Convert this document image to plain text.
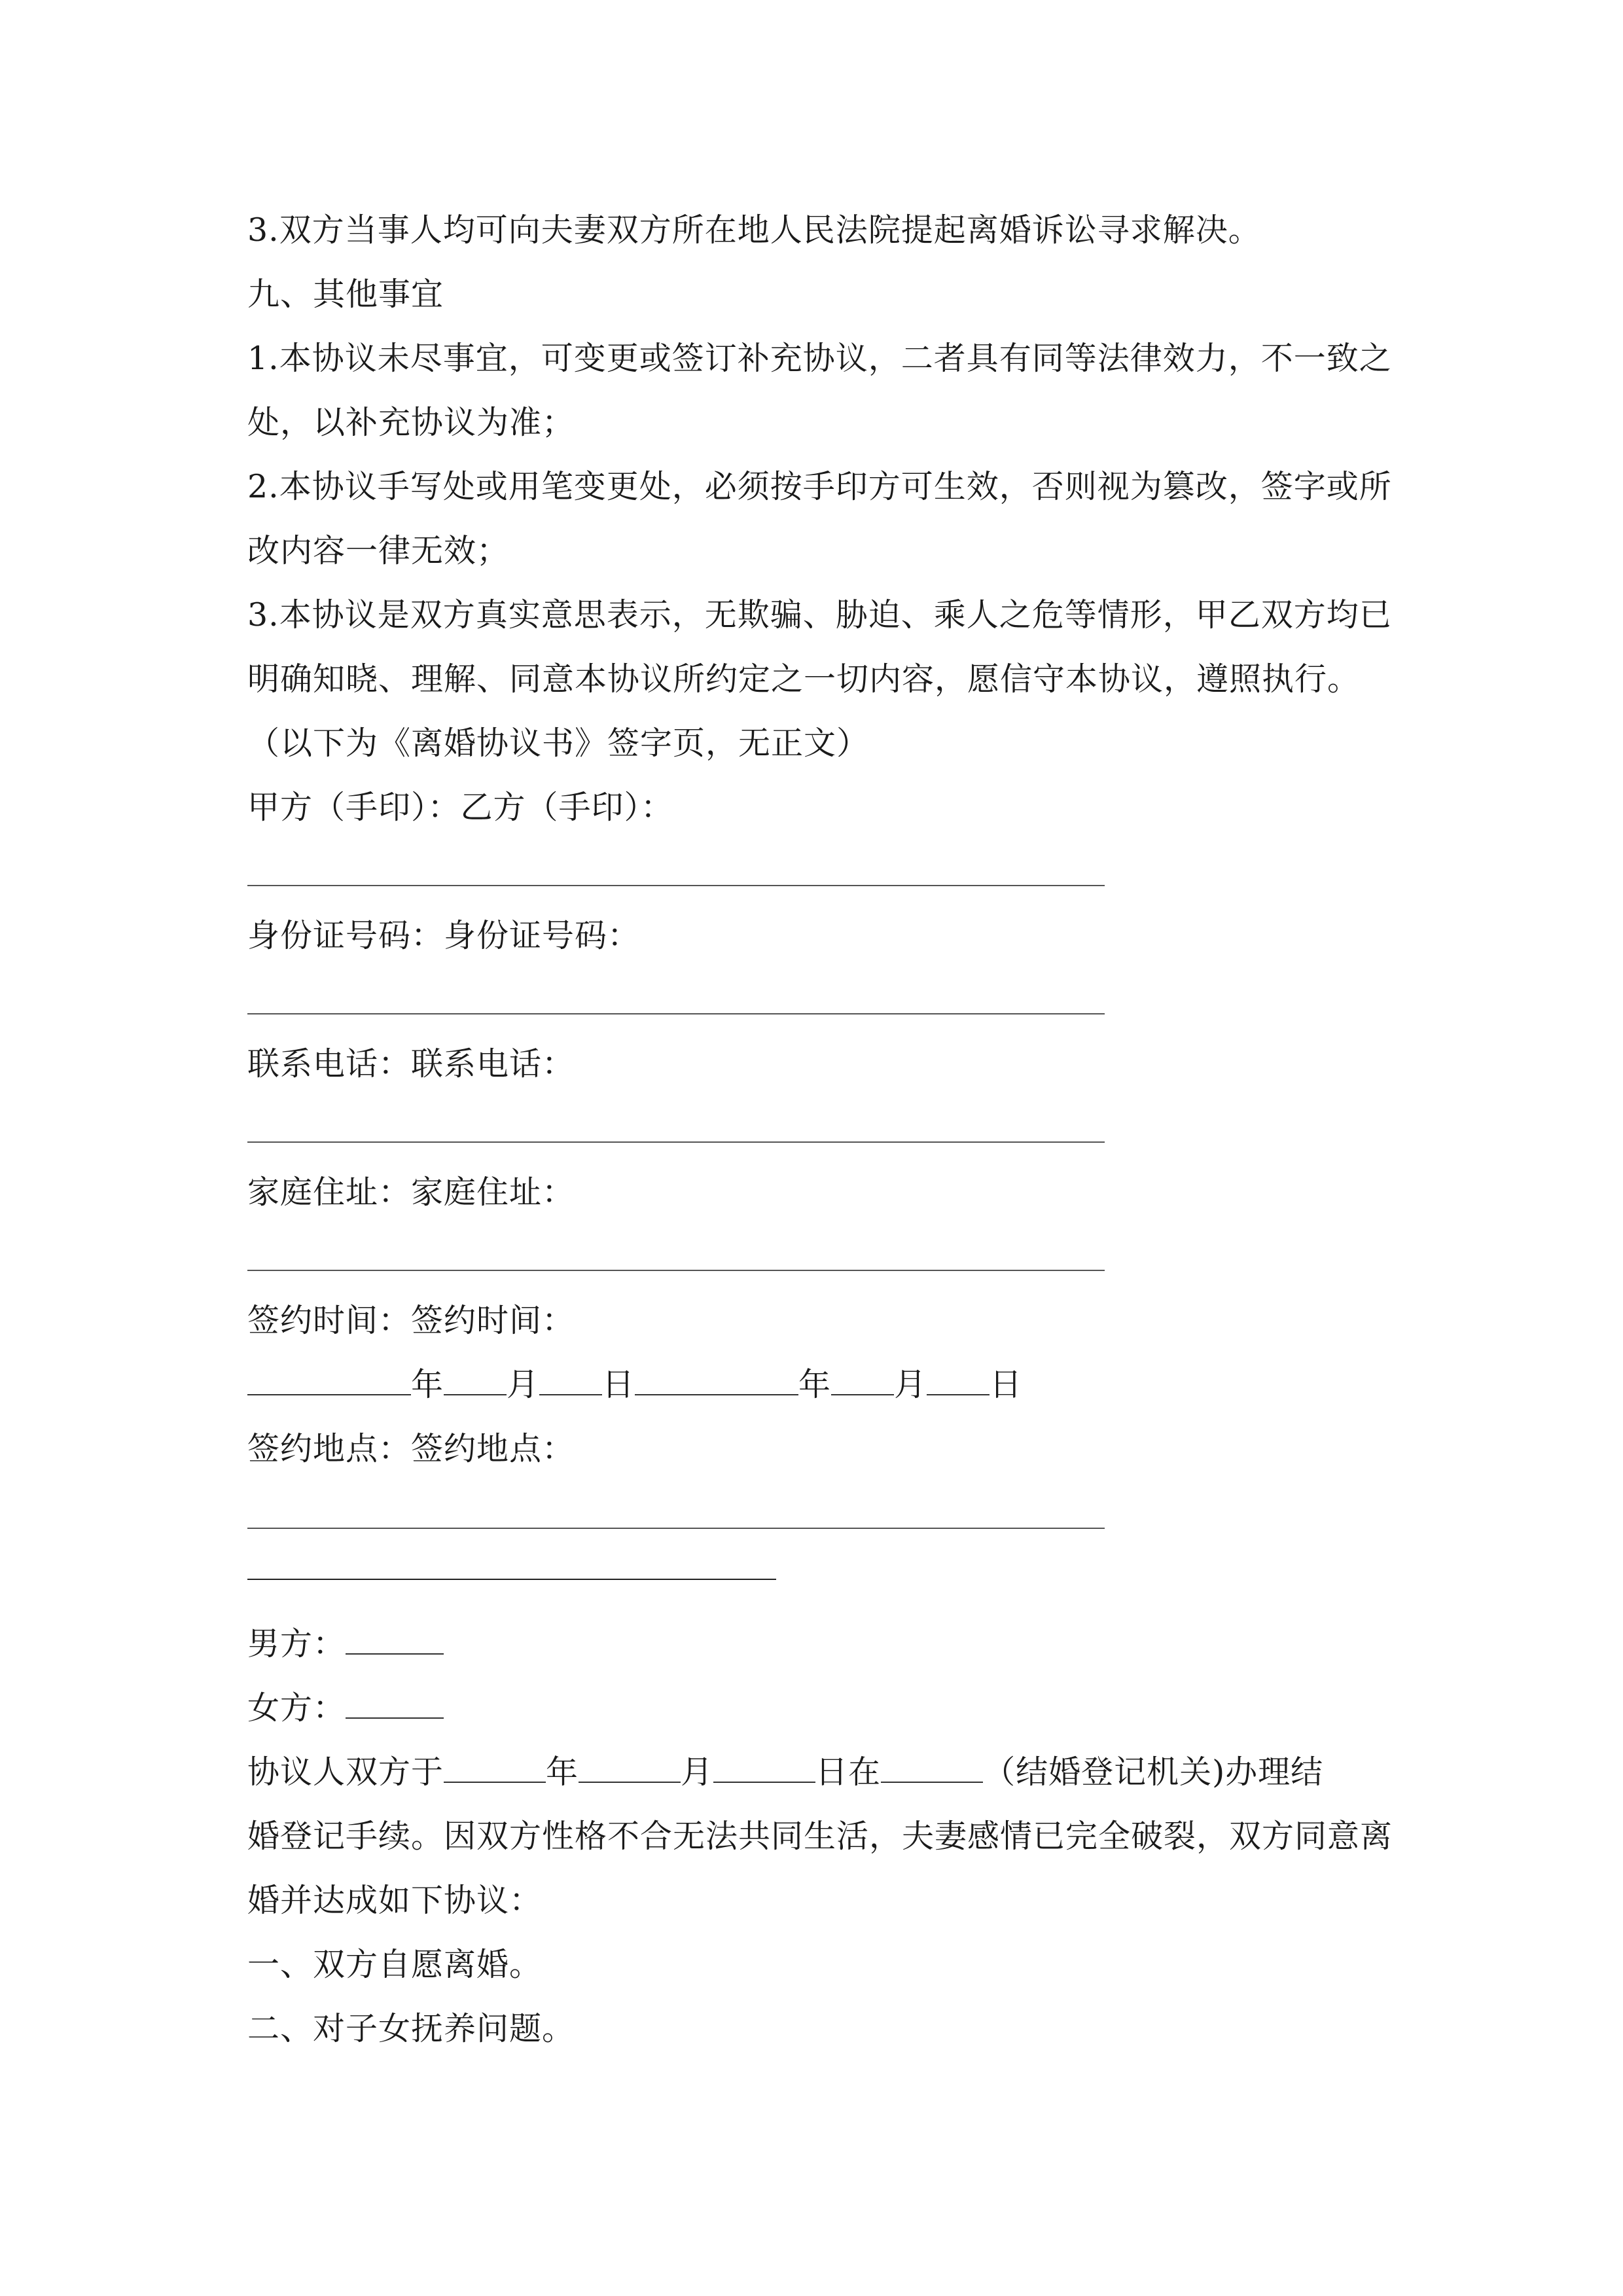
3.双方当事人均可向夫妻双方所在地人民法院提起离婚诉讼寻求解决。
九、其他事宜
1.本协议未尽事宜，可变更或签订补充协议，二者具有同等法律效力，不一致之
处，以补充协议为准；
2.本协议手写处或用笔变更处，必须按手印方可生效，否则视为篡改，签字或所
改内容一律无效；
3.本协议是双方真实意思表示，无欺骗、胁迫、乘人之危等情形，甲乙双方均已
明确知晓、理解、同意本协议所约定之一切内容，愿信守本协议，遵照执行。
（以下为《离婚协议书》签字页，无正文）
甲方（手印）：乙方（手印）：
身份证号码：身份证号码：
联系电话：联系电话：
家庭住址：家庭住址：
签约时间：签约时间：
年 月 日	年 月 日
签约地点：签约地点：
男方：
女方：
协议人双方于	年	月	日在	（结婚登记机关)办理结
婚登记手续。因双方性格不合无法共同生活，夫妻感情已完全破裂，双方同意离
婚并达成如下协议：
一、双方自愿离婚。
二、对子女抚养问题。
